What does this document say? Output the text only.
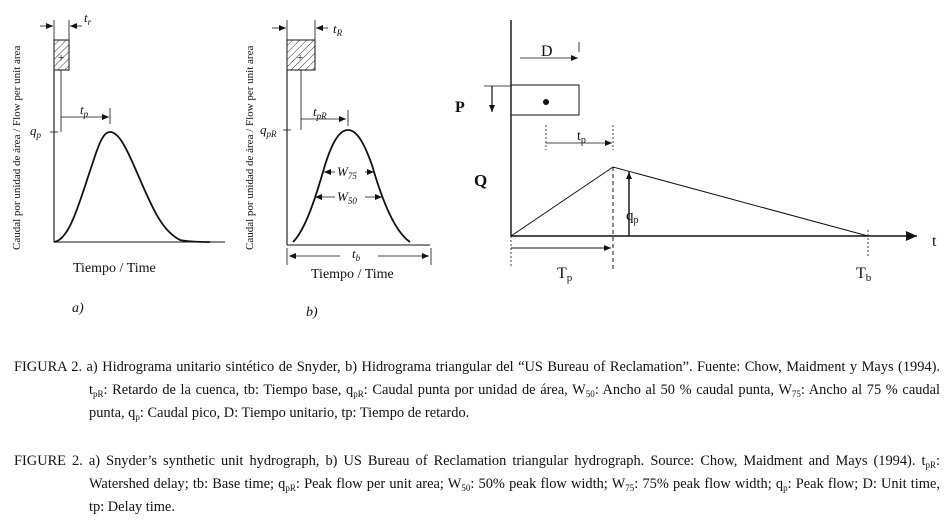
+
$t_r$
$q_p$
$t_p$
Caudal por unidad de área / Flow per unit area
Tiempo / Time
a)
+
$t_R$
$q_{pR}$
$t_{pR}$
$W_{75}$
$W_{50}$
$t_b$
Caudal por unidad de área / Flow per unit area
Tiempo / Time
b)
D
P
t
Q
$t_p$
$q_p$
Tb
Tp
FIGURA 2. a) Hidrograma unitario sintético de Snyder, b) Hidrograma triangular del “US Bureau of Reclamation”. Fuente: Chow, Maidment y Mays (1994). $t_{pR}$: Retardo de la cuenca, tb: Tiempo base, $q_{pR}$: Caudal punta por unidad de área, $W_{50}$: Ancho al 50 % caudal punta, $W_{75}$: Ancho al 75 % caudal punta, $q_p$: Caudal pico, D: Tiempo unitario, tp: Tiempo de retardo.
FIGURE 2. a) Snyder’s synthetic unit hydrograph, b) US Bureau of Reclamation triangular hydrograph. Source: Chow, Maidment and Mays (1994). $t_{pR}$: Watershed delay; tb: Base time; $q_{pR}$: Peak flow per unit area; $W_{50}$: 50% peak flow width; $W_{75}$: 75% peak flow width; $q_p$: Peak flow; D: Unit time, tp: Delay time.
